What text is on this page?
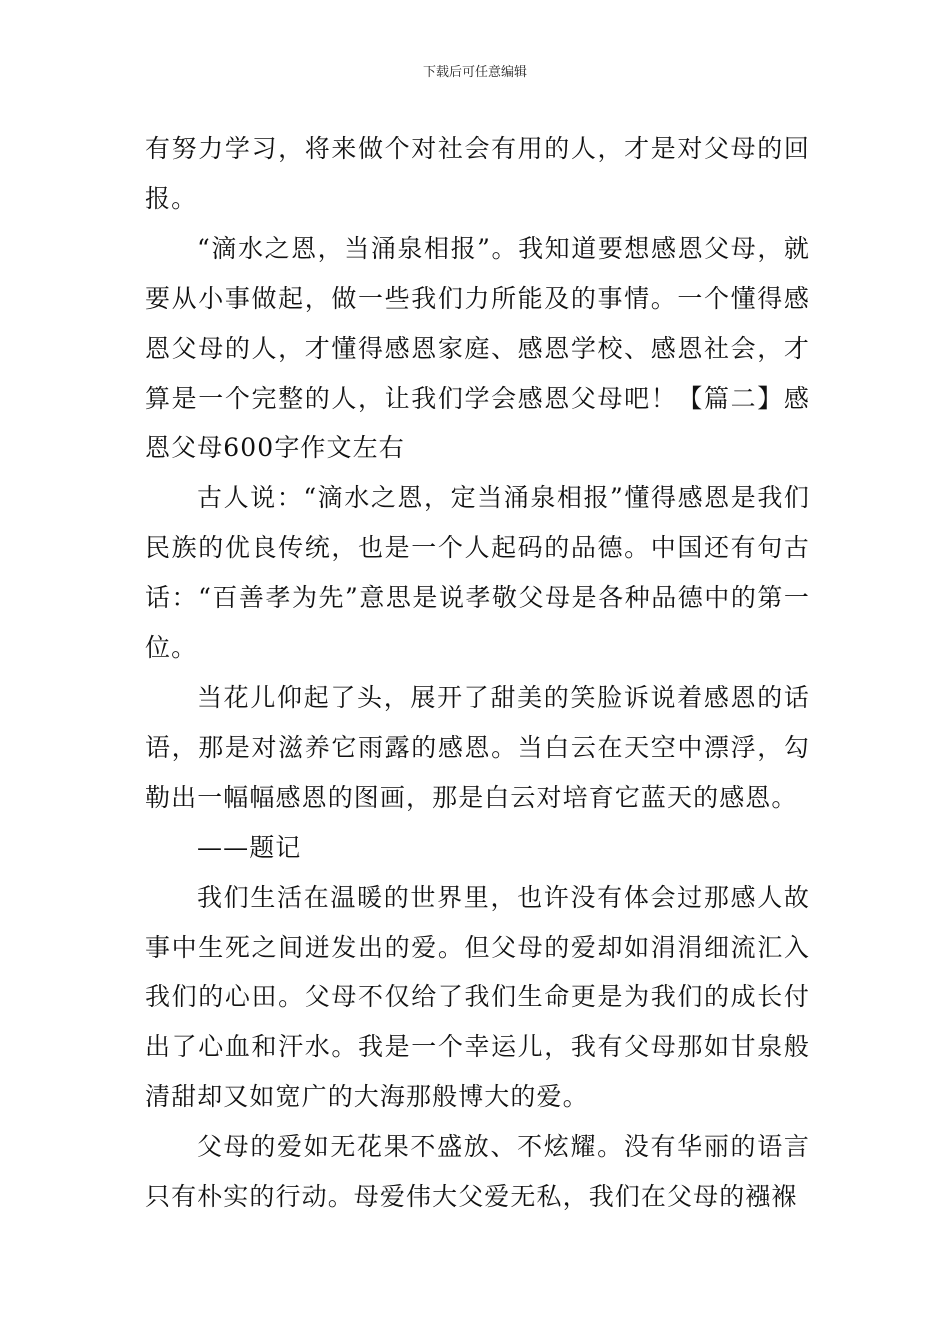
下载后可任意编辑

有努力学习，将来做个对社会有用的人，才是对父母的回报。

“滴水之恩，当涌泉相报”。我知道要想感恩父母，就要从小事做起，做一些我们力所能及的事情。一个懂得感恩父母的人，才懂得感恩家庭、感恩学校、感恩社会，才算是一个完整的人，让我们学会感恩父母吧！【篇二】感恩父母600字作文左右

古人说：“滴水之恩，定当涌泉相报”懂得感恩是我们民族的优良传统，也是一个人起码的品德。中国还有句古话：“百善孝为先”意思是说孝敬父母是各种品德中的第一位。

当花儿仰起了头，展开了甜美的笑脸诉说着感恩的话语，那是对滋养它雨露的感恩。当白云在天空中漂浮，勾勒出一幅幅感恩的图画，那是白云对培育它蓝天的感恩。

——题记

我们生活在温暖的世界里，也许没有体会过那感人故事中生死之间迸发出的爱。但父母的爱却如涓涓细流汇入我们的心田。父母不仅给了我们生命更是为我们的成长付出了心血和汗水。我是一个幸运儿，我有父母那如甘泉般清甜却又如宽广的大海那般博大的爱。

父母的爱如无花果不盛放、不炫耀。没有华丽的语言只有朴实的行动。母爱伟大父爱无私，我们在父母的襁褓
